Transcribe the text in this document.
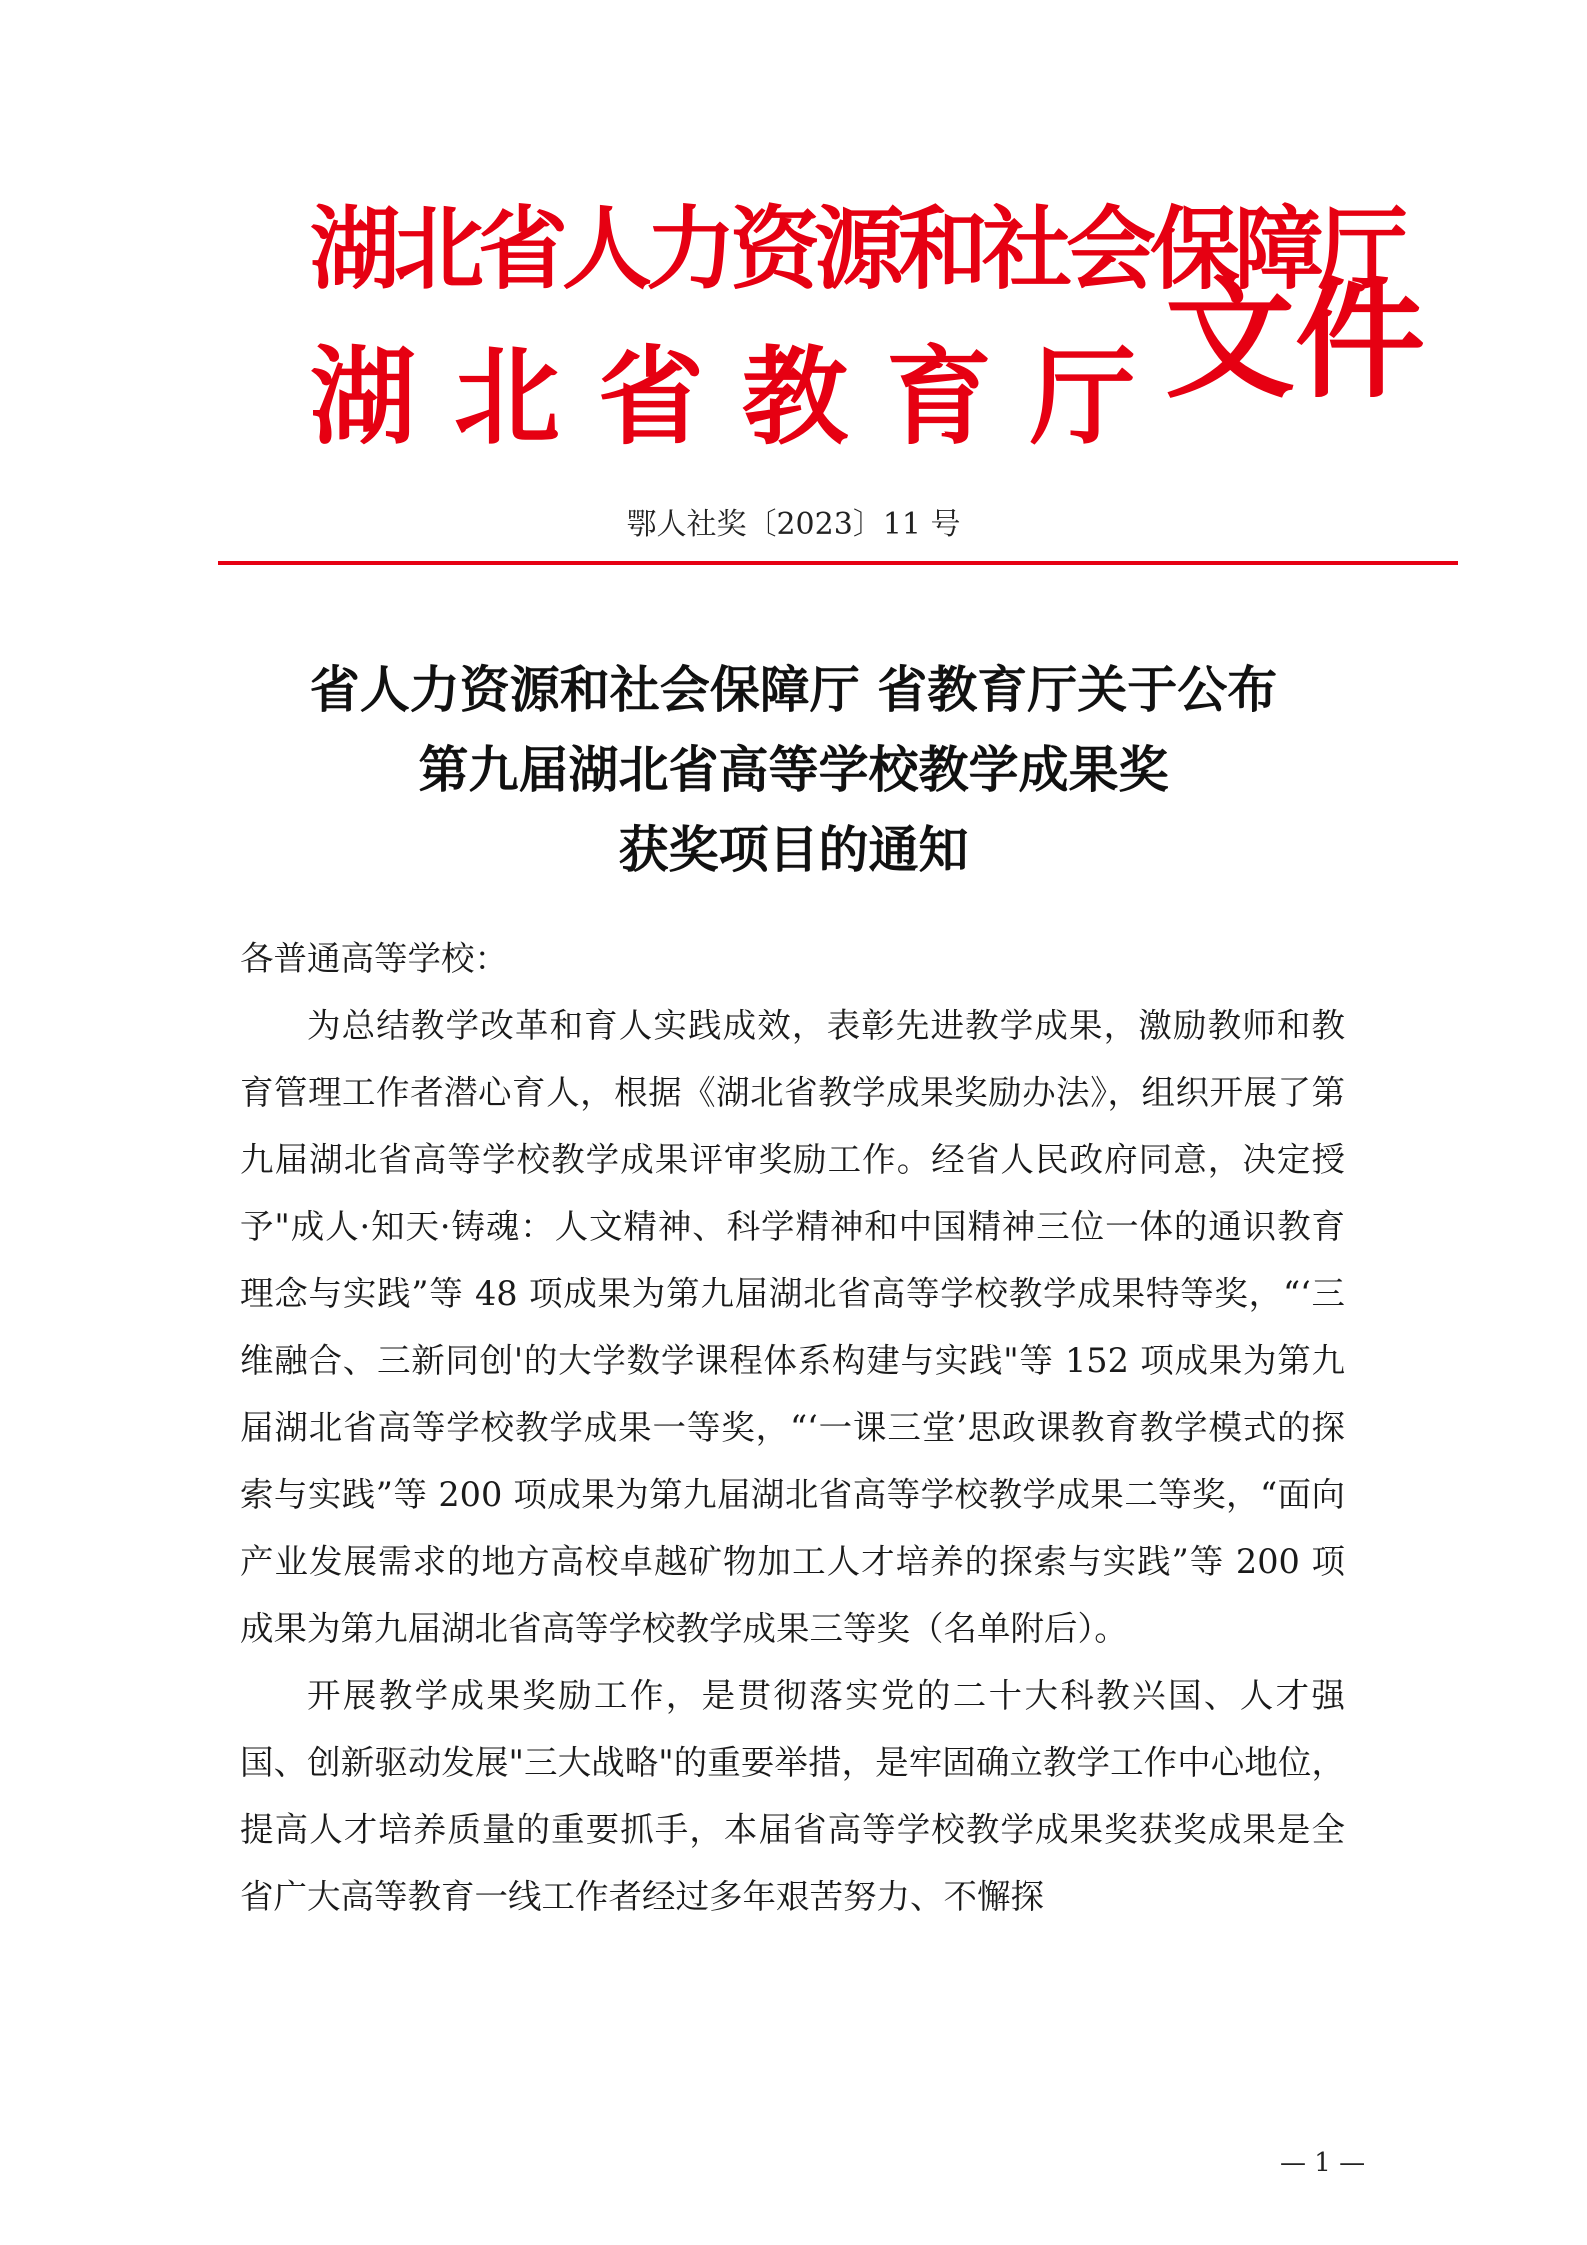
湖北省人力资源和社会保障厅
湖北省教育厅
文件
鄂人社奖〔2023〕11 号
省人力资源和社会保障厅 省教育厅关于公布
第九届湖北省高等学校教学成果奖
获奖项目的通知

各普通高等学校：

为总结教学改革和育人实践成效，表彰先进教学成果，激励教师和教育管理工作者潜心育人，根据《湖北省教学成果奖励办法》，组织开展了第九届湖北省高等学校教学成果评审奖励工作。经省人民政府同意，决定授予"成人·知天·铸魂：人文精神、科学精神和中国精神三位一体的通识教育理念与实践”等 48 项成果为第九届湖北省高等学校教学成果特等奖，“‘三维融合、三新同创'的大学数学课程体系构建与实践"等 152 项成果为第九届湖北省高等学校教学成果一等奖，“‘一课三堂’思政课教育教学模式的探索与实践”等 200 项成果为第九届湖北省高等学校教学成果二等奖，“面向产业发展需求的地方高校卓越矿物加工人才培养的探索与实践”等 200 项成果为第九届湖北省高等学校教学成果三等奖（名单附后）。

开展教学成果奖励工作，是贯彻落实党的二十大科教兴国、人才强国、创新驱动发展"三大战略"的重要举措，是牢固确立教学工作中心地位，提高人才培养质量的重要抓手，本届省高等学校教学成果奖获奖成果是全省广大高等教育一线工作者经过多年艰苦努力、不懈探

— 1 —
